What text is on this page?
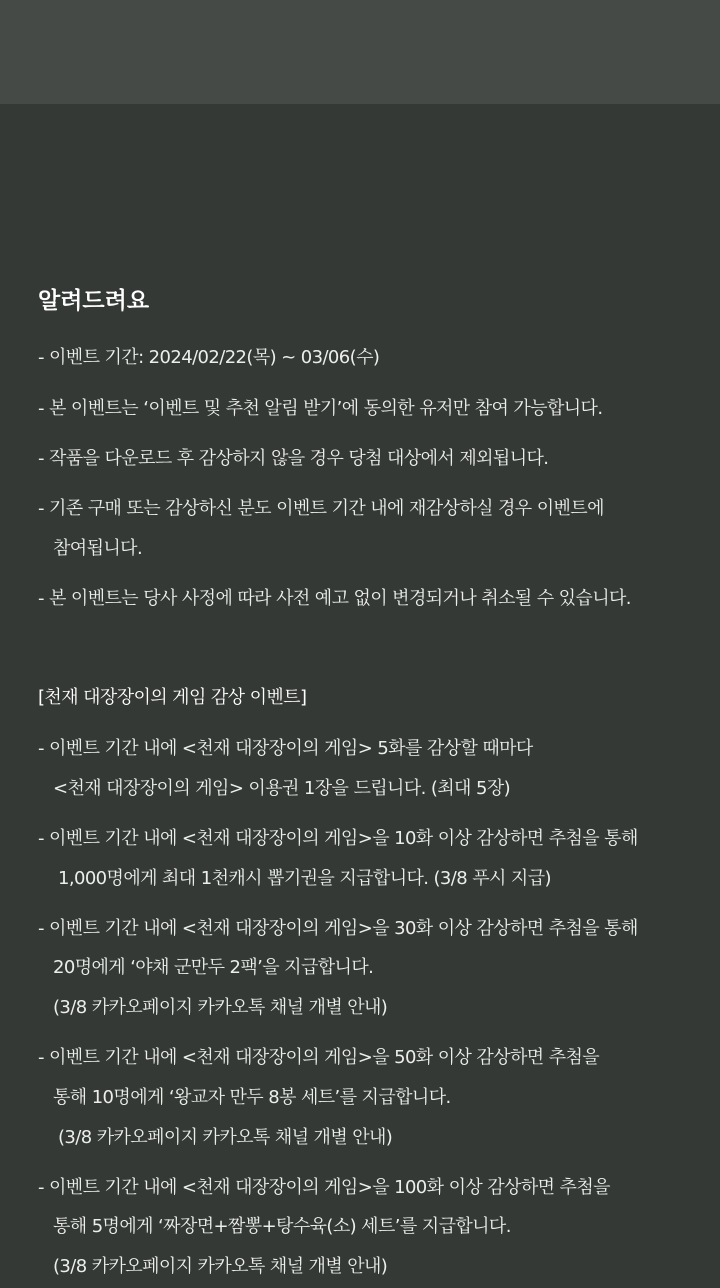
알려드려요
- 이벤트 기간: 2024/02/22(목) ~ 03/06(수)
- 본 이벤트는 ‘이벤트 및 추천 알림 받기’에 동의한 유저만 참여 가능합니다.
- 작품을 다운로드 후 감상하지 않을 경우 당첨 대상에서 제외됩니다.
- 기존 구매 또는 감상하신 분도 이벤트 기간 내에 재감상하실 경우 이벤트에
참여됩니다.
- 본 이벤트는 당사 사정에 따라 사전 예고 없이 변경되거나 취소될 수 있습니다.
[천재 대장장이의 게임 감상 이벤트]
- 이벤트 기간 내에 <천재 대장장이의 게임> 5화를 감상할 때마다
<천재 대장장이의 게임> 이용권 1장을 드립니다. (최대 5장)
- 이벤트 기간 내에 <천재 대장장이의 게임>을 10화 이상 감상하면 추첨을 통해
1,000명에게 최대 1천캐시 뽑기권을 지급합니다. (3/8 푸시 지급)
- 이벤트 기간 내에 <천재 대장장이의 게임>을 30화 이상 감상하면 추첨을 통해
20명에게 ‘야채 군만두 2팩’을 지급합니다.
(3/8 카카오페이지 카카오톡 채널 개별 안내)
- 이벤트 기간 내에 <천재 대장장이의 게임>을 50화 이상 감상하면 추첨을
통해 10명에게 ‘왕교자 만두 8봉 세트’를 지급합니다.
(3/8 카카오페이지 카카오톡 채널 개별 안내)
- 이벤트 기간 내에 <천재 대장장이의 게임>을 100화 이상 감상하면 추첨을
통해 5명에게 ‘짜장면+짬뽕+탕수육(소) 세트’를 지급합니다.
(3/8 카카오페이지 카카오톡 채널 개별 안내)
